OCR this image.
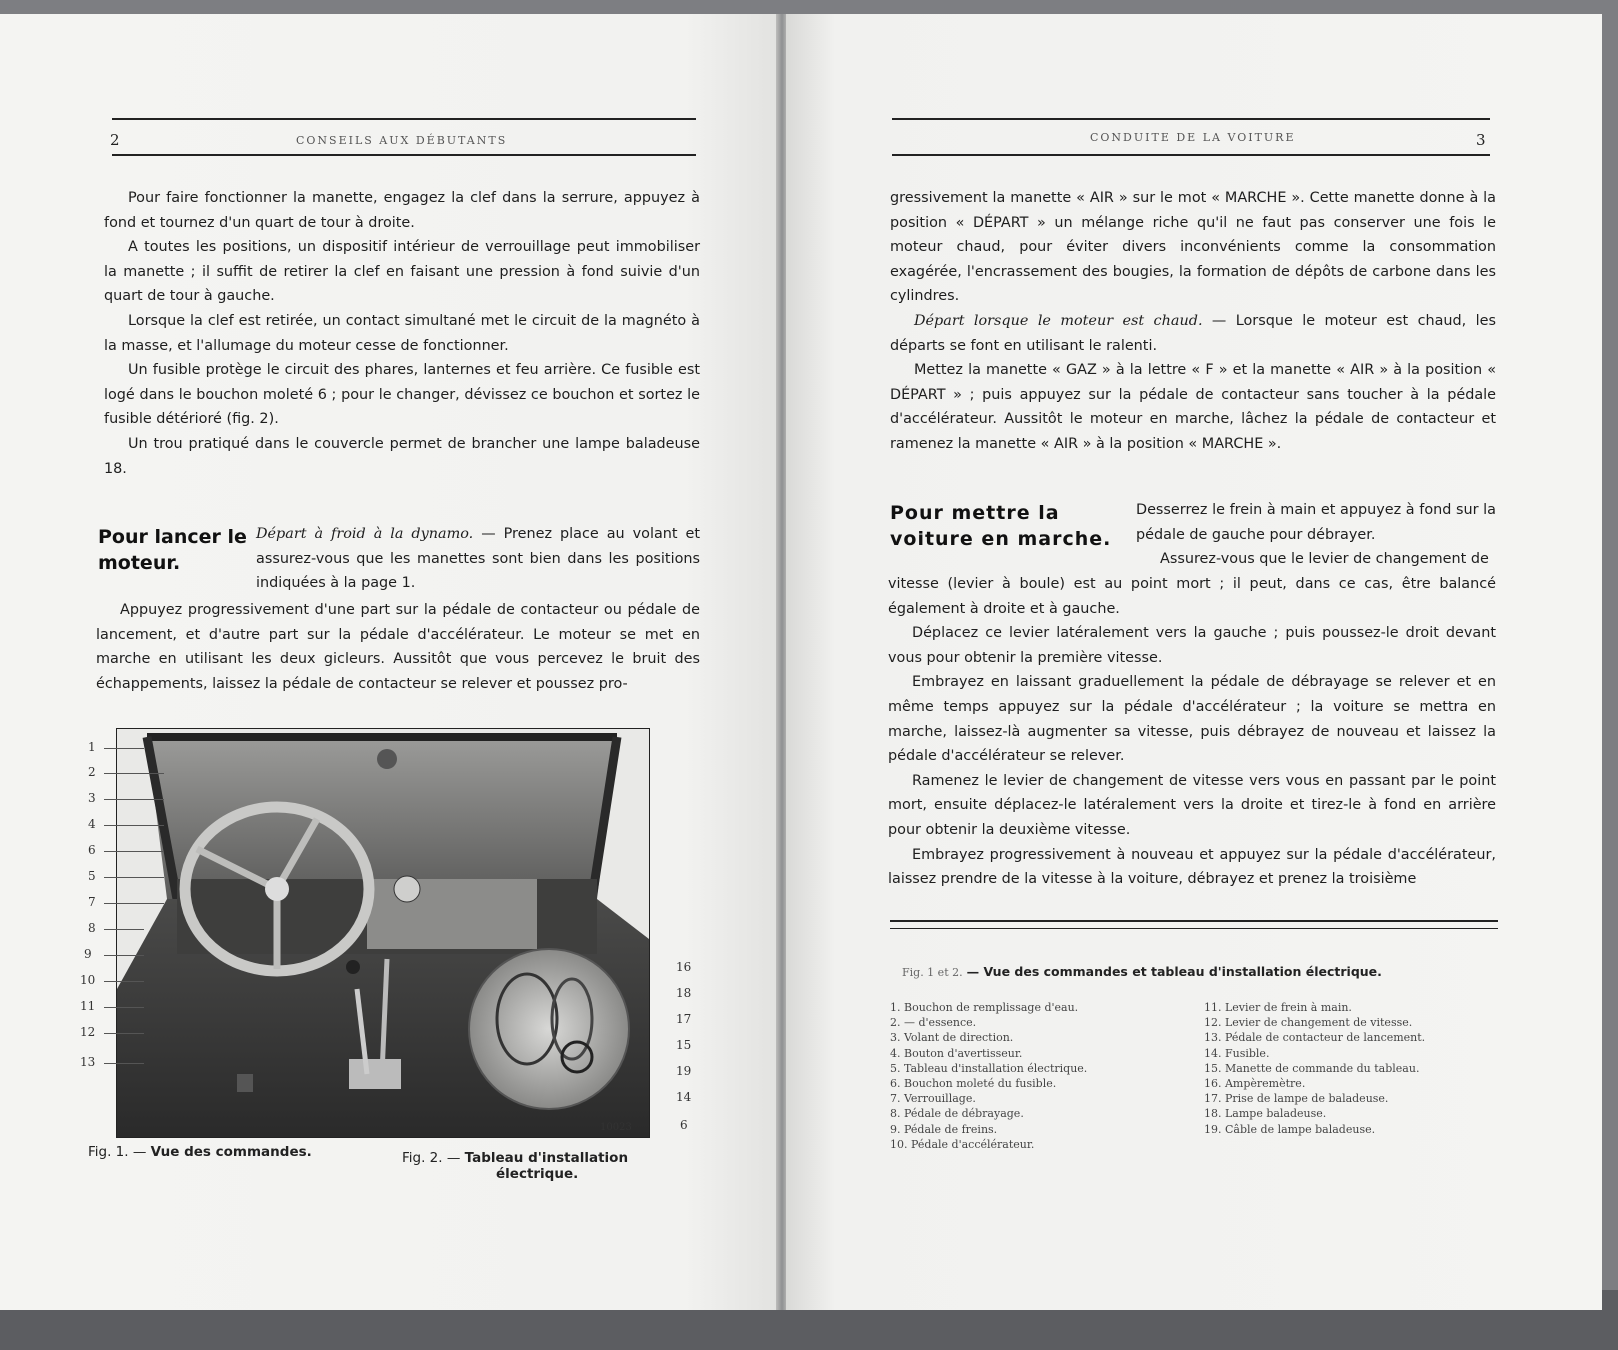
2	CONSEILS AUX DÉBUTANTS

Pour faire fonctionner la manette, engagez la clef dans la serrure, appuyez à fond et tournez d'un quart de tour à droite.

A toutes les positions, un dispositif intérieur de verrouillage peut immobiliser la manette ; il suffit de retirer la clef en faisant une pression à fond suivie d'un quart de tour à gauche.

Lorsque la clef est retirée, un contact simultané met le circuit de la magnéto à la masse, et l'allumage du moteur cesse de fonctionner.

Un fusible protège le circuit des phares, lanternes et feu arrière. Ce fusible est logé dans le bouchon moleté 6 ; pour le changer, dévissez ce bouchon et sortez le fusible détérioré (fig. 2).

Un trou pratiqué dans le couvercle permet de brancher une lampe baladeuse 18.

Pour lancer le moteur.

Départ à froid à la dynamo. — Prenez place au volant et assurez-vous que les manettes sont bien dans les positions indiquées à la page 1.

Appuyez progressivement d'une part sur la pédale de contacteur ou pédale de lancement, et d'autre part sur la pédale d'accélérateur. Le moteur se met en marche en utilisant les deux gicleurs. Aussitôt que vous percevez le bruit des échappements, laissez la pédale de contacteur se relever et poussez pro-

1
2
3
4
6
5
7
8
9
10
11
12
13
16
18
17
15
19
14
6
10023
Fig. 1. — Vue des commandes.	Fig. 2. — Tableau d'installation
électrique.
CONDUITE DE LA VOITURE	3

gressivement la manette « AIR » sur le mot « MARCHE ». Cette manette donne à la position « DÉPART » un mélange riche qu'il ne faut pas conserver une fois le moteur chaud, pour éviter divers inconvénients comme la consommation exagérée, l'encrassement des bougies, la formation de dépôts de carbone dans les cylindres.

Départ lorsque le moteur est chaud. — Lorsque le moteur est chaud, les départs se font en utilisant le ralenti.

Mettez la manette « GAZ » à la lettre « F » et la manette « AIR » à la position « DÉPART » ; puis appuyez sur la pédale de contacteur sans toucher à la pédale d'accélérateur. Aussitôt le moteur en marche, lâchez la pédale de contacteur et ramenez la manette « AIR » à la position « MARCHE ».

Pour mettre la voiture en marche.

Desserrez le frein à main et appuyez à fond sur la pédale de gauche pour débrayer.

Assurez-vous que le levier de changement de

vitesse (levier à boule) est au point mort ; il peut, dans ce cas, être balancé également à droite et à gauche.

Déplacez ce levier latéralement vers la gauche ; puis poussez-le droit devant vous pour obtenir la première vitesse.

Embrayez en laissant graduellement la pédale de débrayage se relever et en même temps appuyez sur la pédale d'accélérateur ; la voiture se mettra en marche, laissez-là augmenter sa vitesse, puis débrayez de nouveau et laissez la pédale d'accélérateur se relever.

Ramenez le levier de changement de vitesse vers vous en passant par le point mort, ensuite déplacez-le latéralement vers la droite et tirez-le à fond en arrière pour obtenir la deuxième vitesse.

Embrayez progressivement à nouveau et appuyez sur la pédale d'accélérateur, laissez prendre de la vitesse à la voiture, débrayez et prenez la troisième

Fig. 1 et 2. — Vue des commandes et tableau d'installation électrique.
1. Bouchon de remplissage d'eau.
2. — d'essence.
3. Volant de direction.
4. Bouton d'avertisseur.
5. Tableau d'installation électrique.
6. Bouchon moleté du fusible.
7. Verrouillage.
8. Pédale de débrayage.
9. Pédale de freins.
10. Pédale d'accélérateur.
11. Levier de frein à main.
12. Levier de changement de vitesse.
13. Pédale de contacteur de lancement.
14. Fusible.
15. Manette de commande du tableau.
16. Ampèremètre.
17. Prise de lampe de baladeuse.
18. Lampe baladeuse.
19. Câble de lampe baladeuse.
